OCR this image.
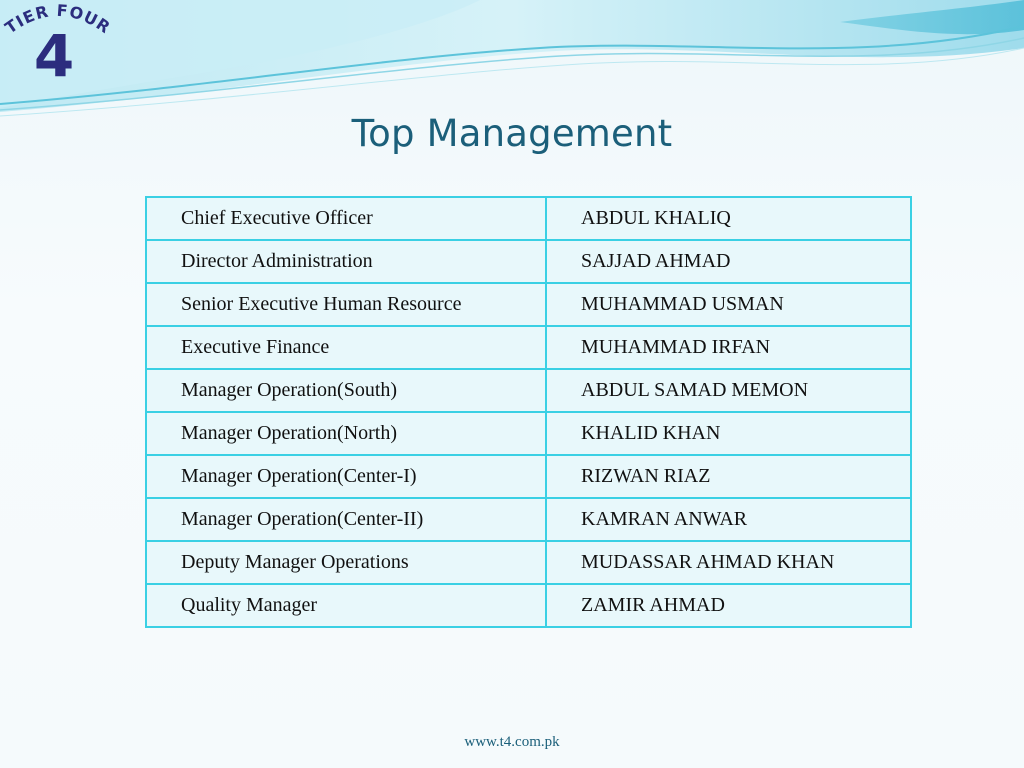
TIER FOUR
4
Top Management
Chief Executive Officer	ABDUL KHALIQ
Director Administration	SAJJAD AHMAD
Senior Executive Human Resource	MUHAMMAD USMAN
Executive Finance	MUHAMMAD IRFAN
Manager Operation(South)	ABDUL SAMAD MEMON
Manager Operation(North)	KHALID KHAN
Manager Operation(Center-I)	RIZWAN RIAZ
Manager Operation(Center-II)	KAMRAN ANWAR
Deputy Manager Operations	MUDASSAR AHMAD KHAN
Quality Manager	ZAMIR AHMAD
www.t4.com.pk
